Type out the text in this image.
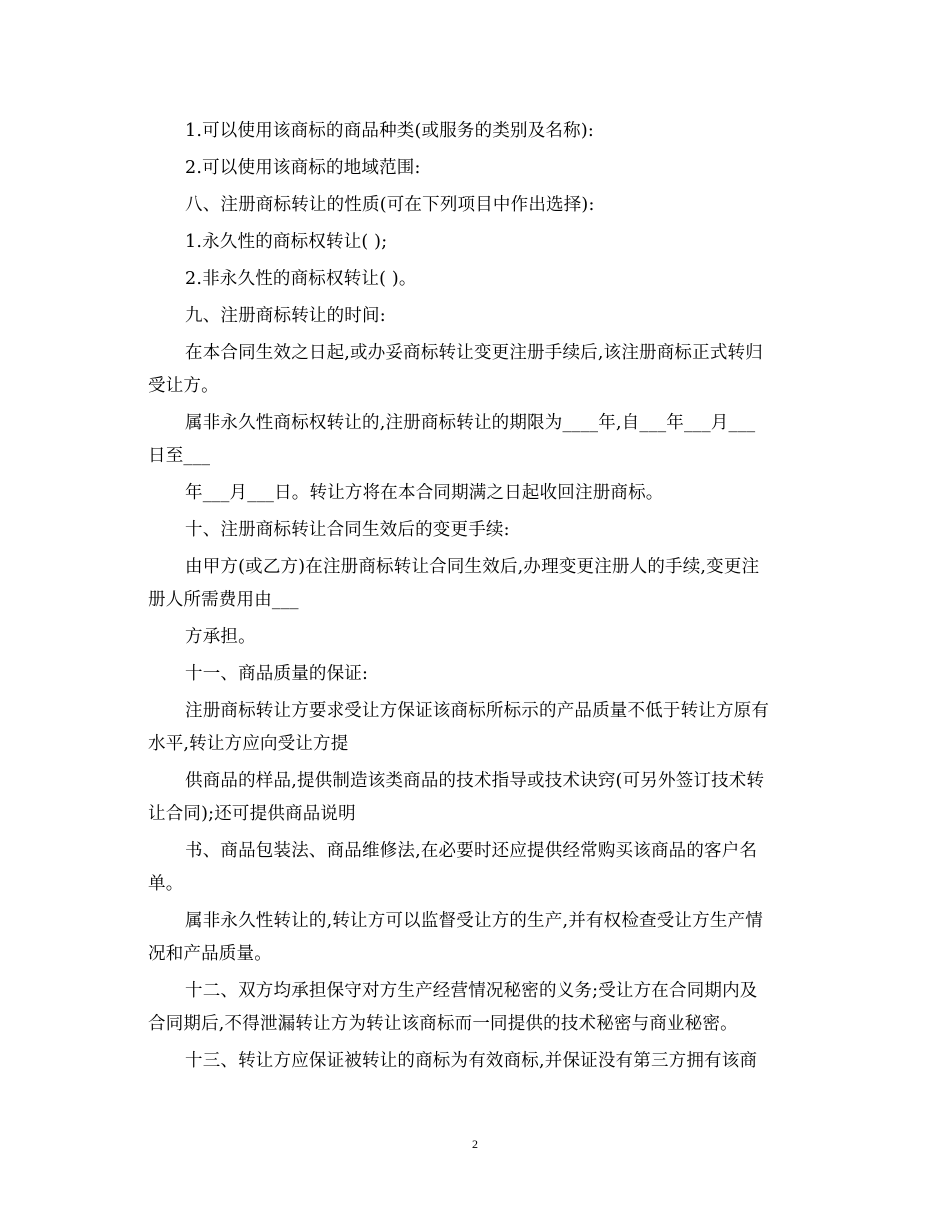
1.可以使用该商标的商品种类(或服务的类别及名称):
2.可以使用该商标的地域范围:
八、注册商标转让的性质(可在下列项目中作出选择):
1.永久性的商标权转让( );
2.非永久性的商标权转让( )。
九、注册商标转让的时间:
在本合同生效之日起,或办妥商标转让变更注册手续后,该注册商标正式转归
受让方。
属非永久性商标权转让的,注册商标转让的期限为____年,自___年___月___
日至___
年___月___日。转让方将在本合同期满之日起收回注册商标。
十、注册商标转让合同生效后的变更手续:
由甲方(或乙方)在注册商标转让合同生效后,办理变更注册人的手续,变更注
册人所需费用由___
方承担。
十一、商品质量的保证:
注册商标转让方要求受让方保证该商标所标示的产品质量不低于转让方原有
水平,转让方应向受让方提
供商品的样品,提供制造该类商品的技术指导或技术诀窍(可另外签订技术转
让合同);还可提供商品说明
书、商品包装法、商品维修法,在必要时还应提供经常购买该商品的客户名
单。
属非永久性转让的,转让方可以监督受让方的生产,并有权检查受让方生产情
况和产品质量。
十二、双方均承担保守对方生产经营情况秘密的义务;受让方在合同期内及
合同期后,不得泄漏转让方为转让该商标而一同提供的技术秘密与商业秘密。
十三、转让方应保证被转让的商标为有效商标,并保证没有第三方拥有该商
2
